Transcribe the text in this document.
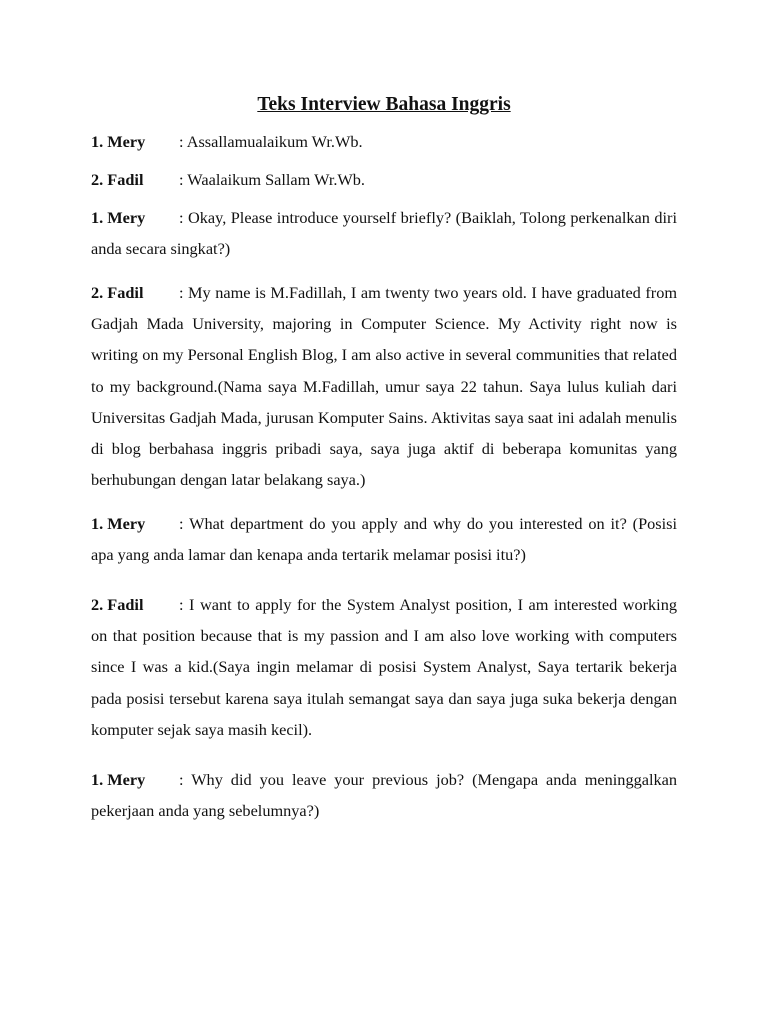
Teks Interview Bahasa Inggris

1. Mery : Assallamualaikum Wr.Wb.

2. Fadil : Waalaikum Sallam Wr.Wb.

1. Mery : Okay, Please introduce yourself briefly? (Baiklah, Tolong perkenalkan diri anda secara singkat?)

2. Fadil : My name is M.Fadillah, I am twenty two years old. I have graduated from Gadjah Mada University, majoring in Computer Science. My Activity right now is writing on my Personal English Blog, I am also active in several communities that related to my background.(Nama saya M.Fadillah, umur saya 22 tahun. Saya lulus kuliah dari Universitas Gadjah Mada, jurusan Komputer Sains. Aktivitas saya saat ini adalah menulis di blog berbahasa inggris pribadi saya, saya juga aktif di beberapa komunitas yang berhubungan dengan latar belakang saya.)

1. Mery : What department do you apply and why do you interested on it? (Posisi apa yang anda lamar dan kenapa anda tertarik melamar posisi itu?)

2. Fadil : I want to apply for the System Analyst position, I am interested working on that position because that is my passion and I am also love working with computers since I was a kid.(Saya ingin melamar di posisi System Analyst, Saya tertarik bekerja pada posisi tersebut karena saya itulah semangat saya dan saya juga suka bekerja dengan komputer sejak saya masih kecil).

1. Mery : Why did you leave your previous job? (Mengapa anda meninggalkan pekerjaan anda yang sebelumnya?)
